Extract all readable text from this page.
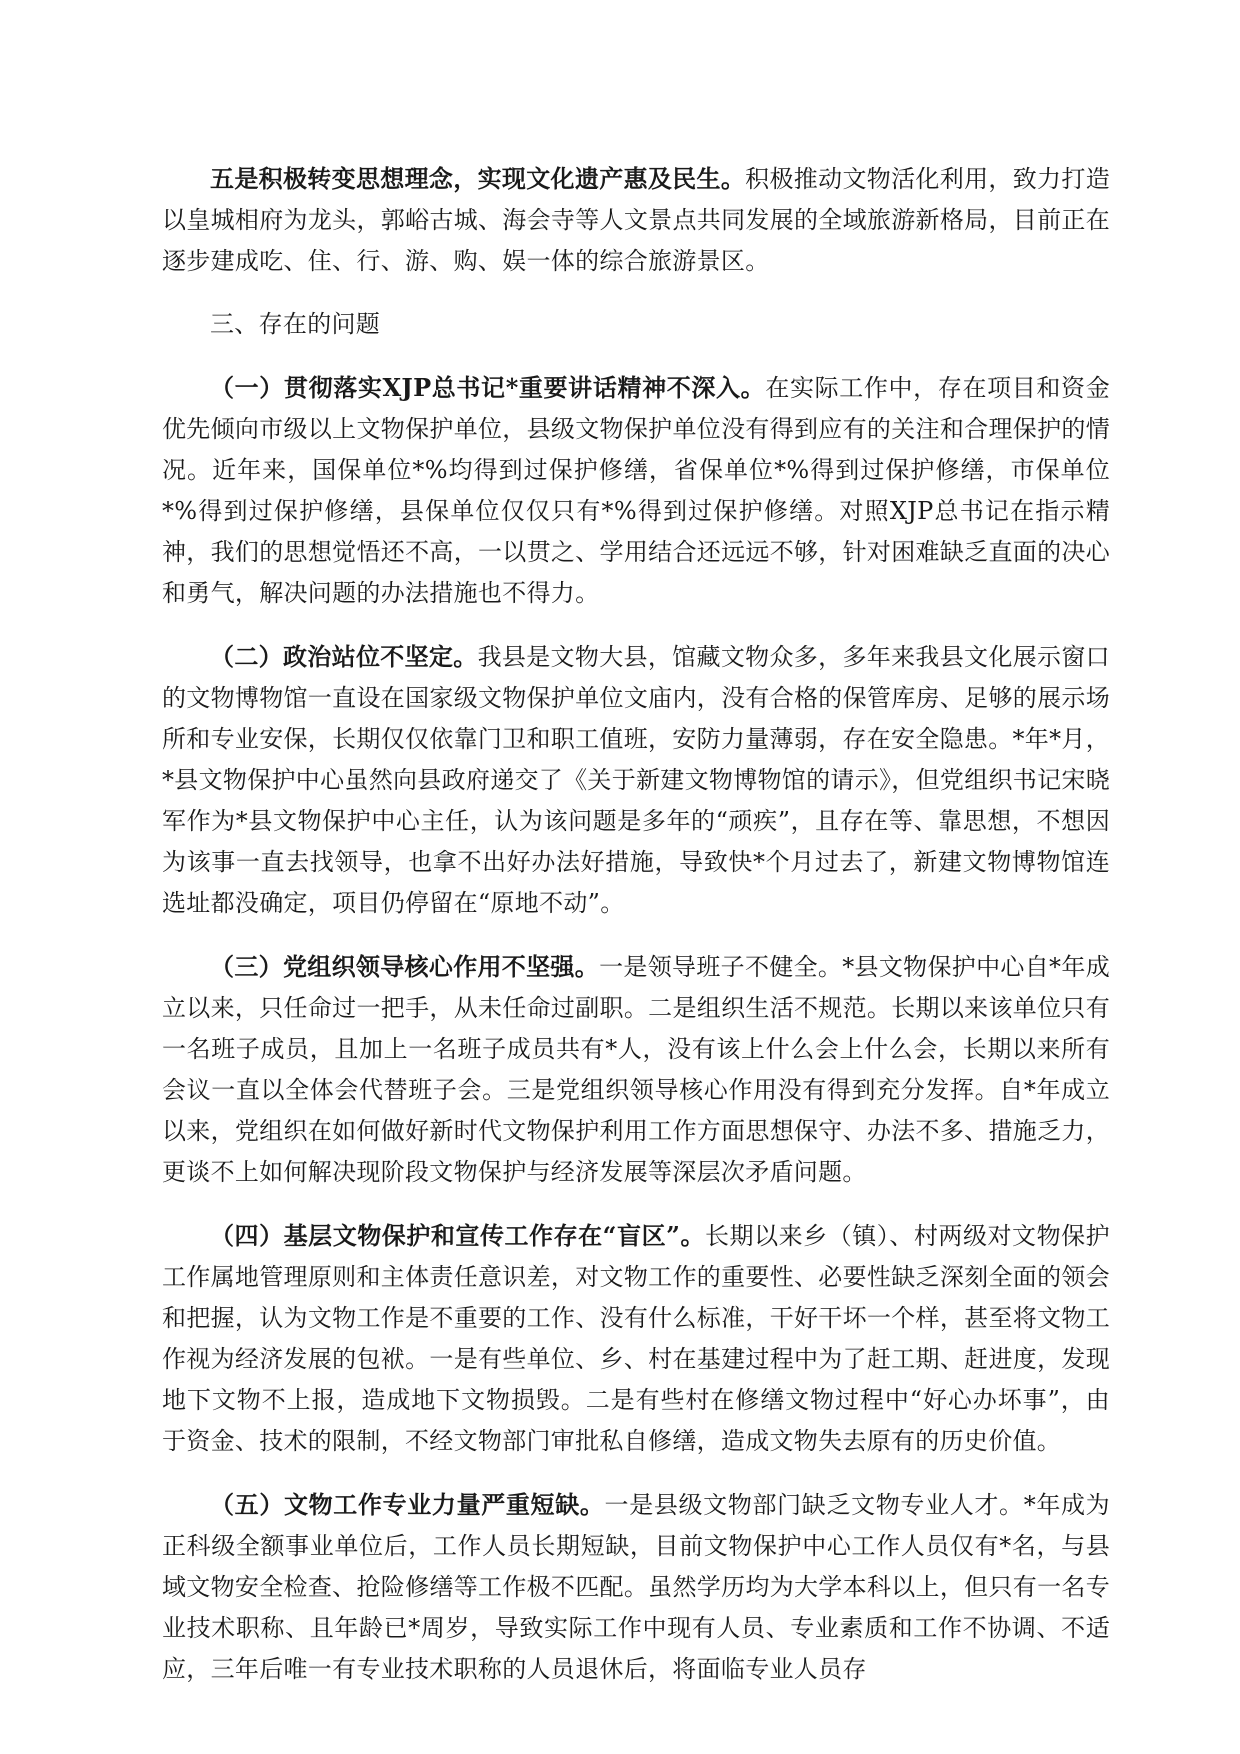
五是积极转变思想理念，实现文化遗产惠及民生。积极推动文物活化利用，致力打造以皇城相府为龙头，郭峪古城、海会寺等人文景点共同发展的全域旅游新格局，目前正在逐步建成吃、住、行、游、购、娱一体的综合旅游景区。

三、存在的问题

（一）贯彻落实XJP总书记*重要讲话精神不深入。在实际工作中，存在项目和资金优先倾向市级以上文物保护单位，县级文物保护单位没有得到应有的关注和合理保护的情况。近年来，国保单位*%均得到过保护修缮，省保单位*%得到过保护修缮，市保单位*%得到过保护修缮，县保单位仅仅只有*%得到过保护修缮。对照XJP总书记在指示精神，我们的思想觉悟还不高，一以贯之、学用结合还远远不够，针对困难缺乏直面的决心和勇气，解决问题的办法措施也不得力。

（二）政治站位不坚定。我县是文物大县，馆藏文物众多，多年来我县文化展示窗口的文物博物馆一直设在国家级文物保护单位文庙内，没有合格的保管库房、足够的展示场所和专业安保，长期仅仅依靠门卫和职工值班，安防力量薄弱，存在安全隐患。*年*月，*县文物保护中心虽然向县政府递交了《关于新建文物博物馆的请示》，但党组织书记宋晓军作为*县文物保护中心主任，认为该问题是多年的“顽疾”，且存在等、靠思想，不想因为该事一直去找领导，也拿不出好办法好措施，导致快*个月过去了，新建文物博物馆连选址都没确定，项目仍停留在“原地不动”。

（三）党组织领导核心作用不坚强。一是领导班子不健全。*县文物保护中心自*年成立以来，只任命过一把手，从未任命过副职。二是组织生活不规范。长期以来该单位只有一名班子成员，且加上一名班子成员共有*人，没有该上什么会上什么会，长期以来所有会议一直以全体会代替班子会。三是党组织领导核心作用没有得到充分发挥。自*年成立以来，党组织在如何做好新时代文物保护利用工作方面思想保守、办法不多、措施乏力，更谈不上如何解决现阶段文物保护与经济发展等深层次矛盾问题。

（四）基层文物保护和宣传工作存在“盲区”。长期以来乡（镇）、村两级对文物保护工作属地管理原则和主体责任意识差，对文物工作的重要性、必要性缺乏深刻全面的领会和把握，认为文物工作是不重要的工作、没有什么标准，干好干坏一个样，甚至将文物工作视为经济发展的包袱。一是有些单位、乡、村在基建过程中为了赶工期、赶进度，发现地下文物不上报，造成地下文物损毁。二是有些村在修缮文物过程中“好心办坏事”，由于资金、技术的限制，不经文物部门审批私自修缮，造成文物失去原有的历史价值。

（五）文物工作专业力量严重短缺。一是县级文物部门缺乏文物专业人才。*年成为正科级全额事业单位后，工作人员长期短缺，目前文物保护中心工作人员仅有*名，与县域文物安全检查、抢险修缮等工作极不匹配。虽然学历均为大学本科以上，但只有一名专业技术职称、且年龄已*周岁，导致实际工作中现有人员、专业素质和工作不协调、不适应，三年后唯一有专业技术职称的人员退休后，将面临专业人员存
